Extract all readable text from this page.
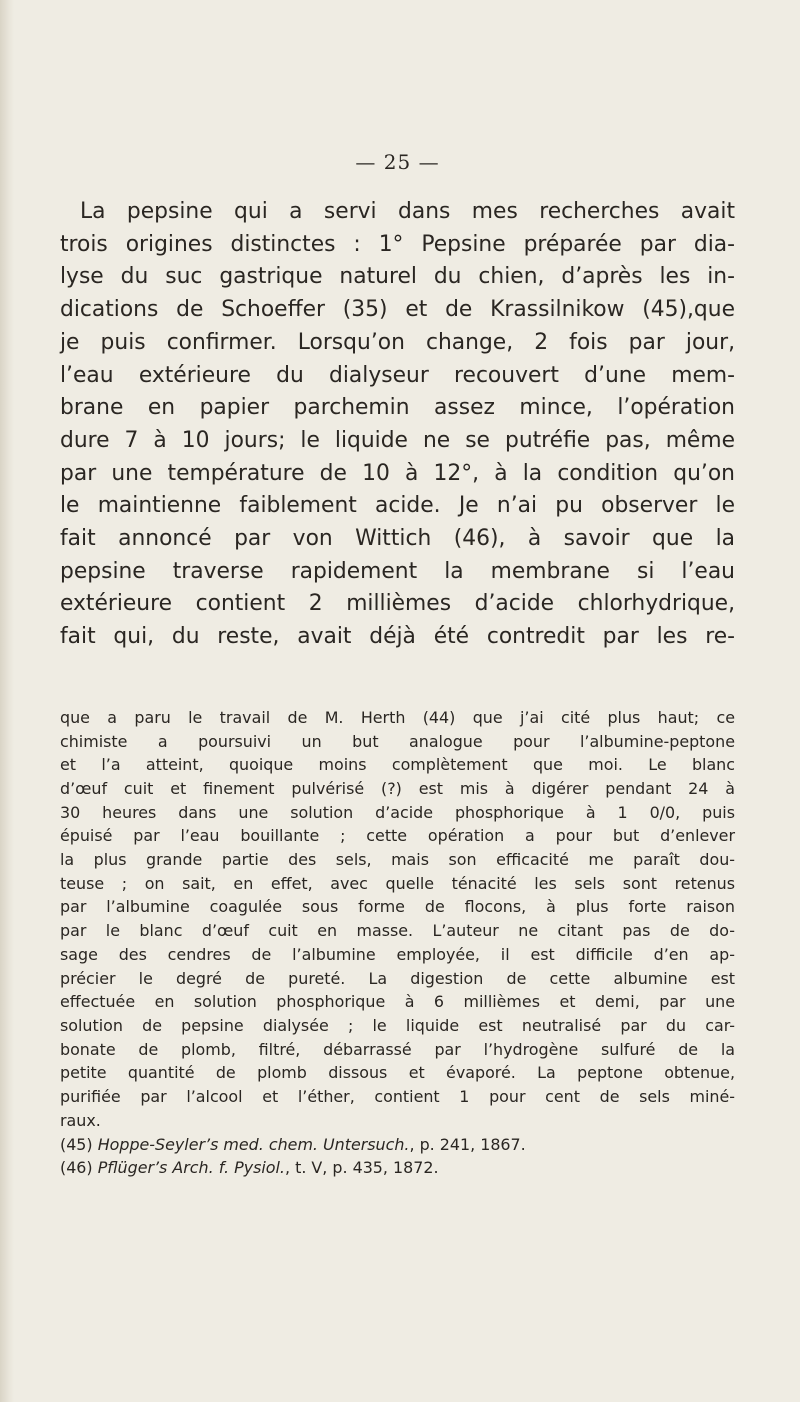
— 25 —
La pepsine qui a servi dans mes recherches avait
trois origines distinctes : 1° Pepsine préparée par dia-
lyse du suc gastrique naturel du chien, d’après les in-
dications de Schoeffer (35) et de Krassilnikow (45),que
je puis confirmer. Lorsqu’on change, 2 fois par jour,
l’eau extérieure du dialyseur recouvert d’une mem-
brane en papier parchemin assez mince, l’opération
dure 7 à 10 jours; le liquide ne se putréfie pas, même
par une température de 10 à 12°, à la condition qu’on
le maintienne faiblement acide. Je n’ai pu observer le
fait annoncé par von Wittich (46), à savoir que la
pepsine traverse rapidement la membrane si l’eau
extérieure contient 2 millièmes d’acide chlorhydrique,
fait qui, du reste, avait déjà été contredit par les re-
que a paru le travail de M. Herth (44) que j’ai cité plus haut; ce
chimiste a poursuivi un but analogue pour l’albumine-peptone
et l’a atteint, quoique moins complètement que moi. Le blanc
d’œuf cuit et finement pulvérisé (?) est mis à digérer pendant 24 à
30 heures dans une solution d’acide phosphorique à 1 0/0, puis
épuisé par l’eau bouillante ; cette opération a pour but d’enlever
la plus grande partie des sels, mais son efficacité me paraît dou-
teuse ; on sait, en effet, avec quelle ténacité les sels sont retenus
par l’albumine coagulée sous forme de flocons, à plus forte raison
par le blanc d’œuf cuit en masse. L’auteur ne citant pas de do-
sage des cendres de l’albumine employée, il est difficile d’en ap-
précier le degré de pureté. La digestion de cette albumine est
effectuée en solution phosphorique à 6 millièmes et demi, par une
solution de pepsine dialysée ; le liquide est neutralisé par du car-
bonate de plomb, filtré, débarrassé par l’hydrogène sulfuré de la
petite quantité de plomb dissous et évaporé. La peptone obtenue,
purifiée par l’alcool et l’éther, contient 1 pour cent de sels miné-
raux.
(45) Hoppe-Seyler’s med. chem. Untersuch., p. 241, 1867.
(46) Pflüger’s Arch. f. Pysiol., t. V, p. 435, 1872.
